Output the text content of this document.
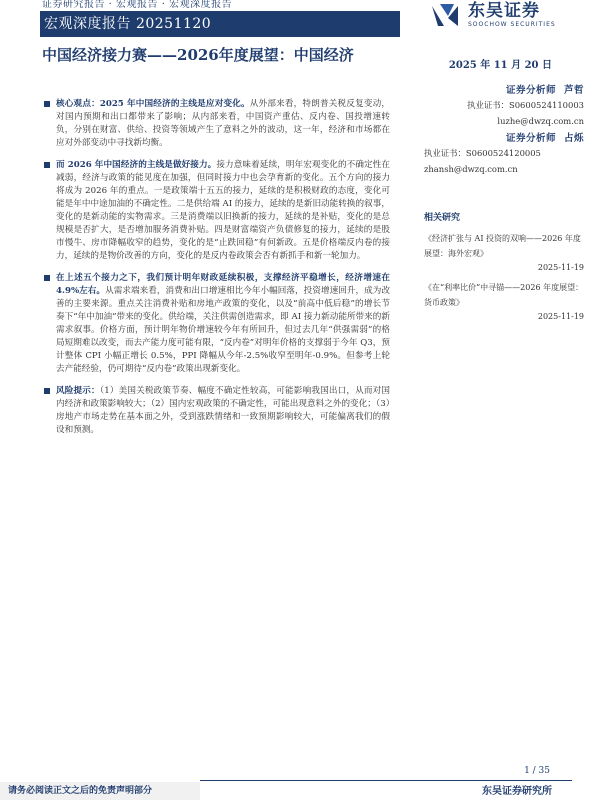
证券研究报告 · 宏观报告 · 宏观深度报告
宏观深度报告 20251120
东吴证券
SOOCHOW SECURITIES
中国经济接力赛——2026年度展望：中国经济
2025 年 11 月 20 日
核心观点：2025 年中国经济的主线是应对变化。从外部来看，特朗普关税反复变动，对国内预期和出口都带来了影响；从内部来看，中国资产重估、反内卷、国投增速转负，分别在财富、供给、投资等领域产生了意料之外的波动，这一年，经济和市场都在应对外部变动中寻找新均衡。
而 2026 年中国经济的主线是做好接力。接力意味着延续，明年宏观变化的不确定性在减弱，经济与政策的能见度在加强，但同时接力中也会孕育新的变化。五个方向的接力将成为 2026 年的重点。一是政策端十五五的接力，延续的是积极财政的态度，变化可能是年中中途加油的不确定性。二是供给端 AI 的接力，延续的是新旧动能转换的叙事，变化的是新动能的实物需求。三是消费端以旧换新的接力，延续的是补贴，变化的是总规模是否扩大，是否增加服务消费补贴。四是财富端资产负债修复的接力，延续的是股市慢牛、房市降幅收窄的趋势，变化的是“止跌回稳”有何新政。五是价格端反内卷的接力，延续的是物价改善的方向，变化的是反内卷政策会否有新抓手和新一轮加力。
在上述五个接力之下，我们预计明年财政延续积极，支撑经济平稳增长，经济增速在 4.9%左右。从需求端来看，消费和出口增速相比今年小幅回落，投资增速回升，成为改善的主要来源。重点关注消费补贴和房地产政策的变化，以及“前高中低后稳”的增长节奏下“年中加油”带来的变化。供给端，关注供需创造需求，即 AI 接力新动能所带来的新需求叙事。价格方面，预计明年物价增速较今年有所回升，但过去几年“供强需弱”的格局短期难以改变，而去产能力度可能有限，“反内卷”对明年价格的支撑弱于今年 Q3，预计整体 CPI 小幅正增长 0.5%，PPI 降幅从今年-2.5%收窄至明年-0.9%。但参考上轮去产能经验，仍可期待“反内卷”政策出现新变化。
风险提示：（1）美国关税政策节奏、幅度不确定性较高，可能影响我国出口，从而对国内经济和政策影响较大；（2）国内宏观政策的不确定性，可能出现意料之外的变化；（3）房地产市场走势在基本面之外，受到涨跌情绪和一致预期影响较大，可能偏离我们的假设和预测。
证券分析师 芦哲
执业证书：S0600524110003
luzhe@dwzq.com.cn
证券分析师 占烁
执业证书：S0600524120005
zhansh@dwzq.com.cn
相关研究
《经济扩张与 AI 投资的双响——2026 年度展望：海外宏观》
2025-11-19
《在“利率比价”中寻锚——2026 年度展望：货币政策》
2025-11-19
1 / 35
东吴证券研究所
请务必阅读正文之后的免责声明部分
